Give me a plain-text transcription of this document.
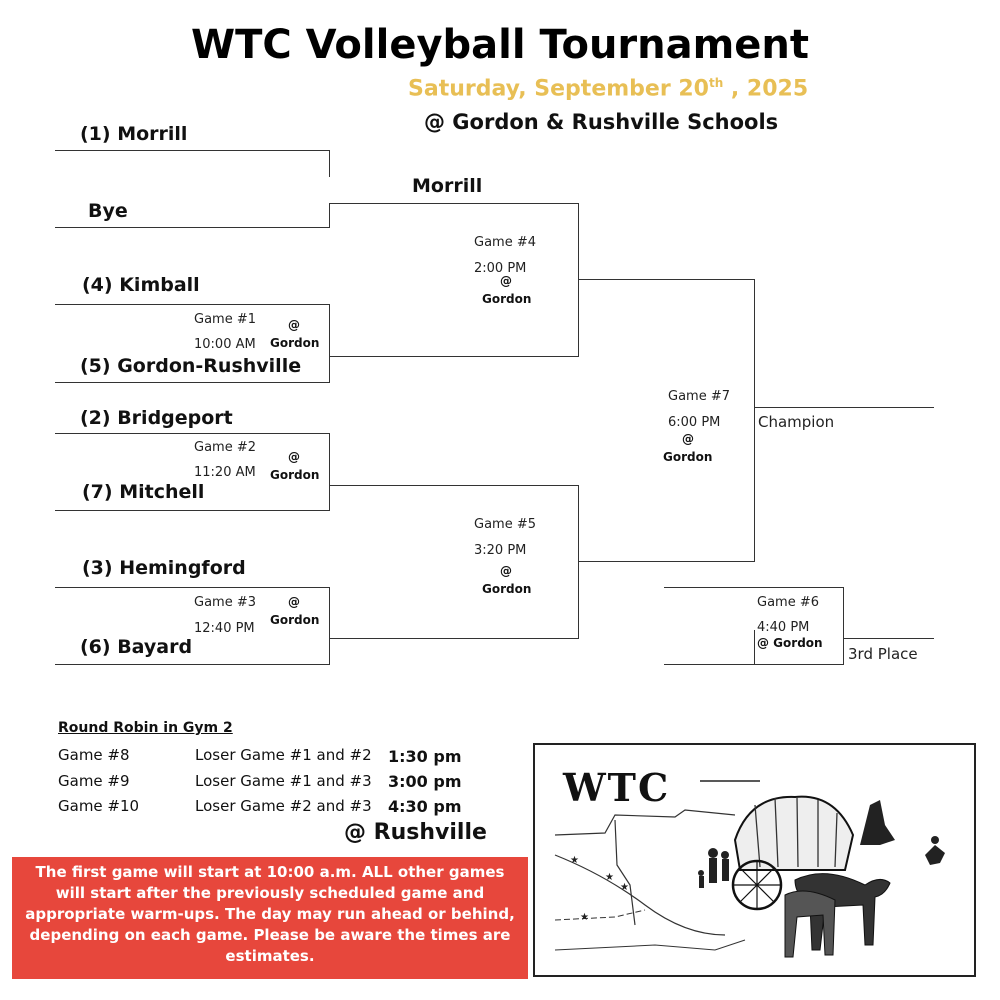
WTC Volleyball Tournament
Saturday, September 20th , 2025
@ Gordon & Rushville Schools
(1) Morrill
Bye
(4) Kimball
(5) Gordon-Rushville
(2) Bridgeport
(7) Mitchell
(3) Hemingford
(6) Bayard
Morrill
Game #1
10:00 AM
@
Gordon
Game #2
11:20 AM
@
Gordon
Game #3
12:40 PM
@
Gordon
Game #4
2:00 PM
@
Gordon
Game #5
3:20 PM
@
Gordon
Game #7
6:00 PM
@
Gordon
Champion
Game #6
4:40 PM
@ Gordon
3rd Place
Round Robin in Gym 2
Game #8	Loser Game #1 and #2 1:30 pm
Game #9	Loser Game #1 and #3 3:00 pm
Game #10	Loser Game #2 and #3 4:30 pm
@ Rushville
The first game will start at 10:00 a.m. ALL other games will start after the previously scheduled game and appropriate warm-ups. The day may run ahead or behind, depending on each game. Please be aware the times are estimates.
WTC
★
★
★
★
